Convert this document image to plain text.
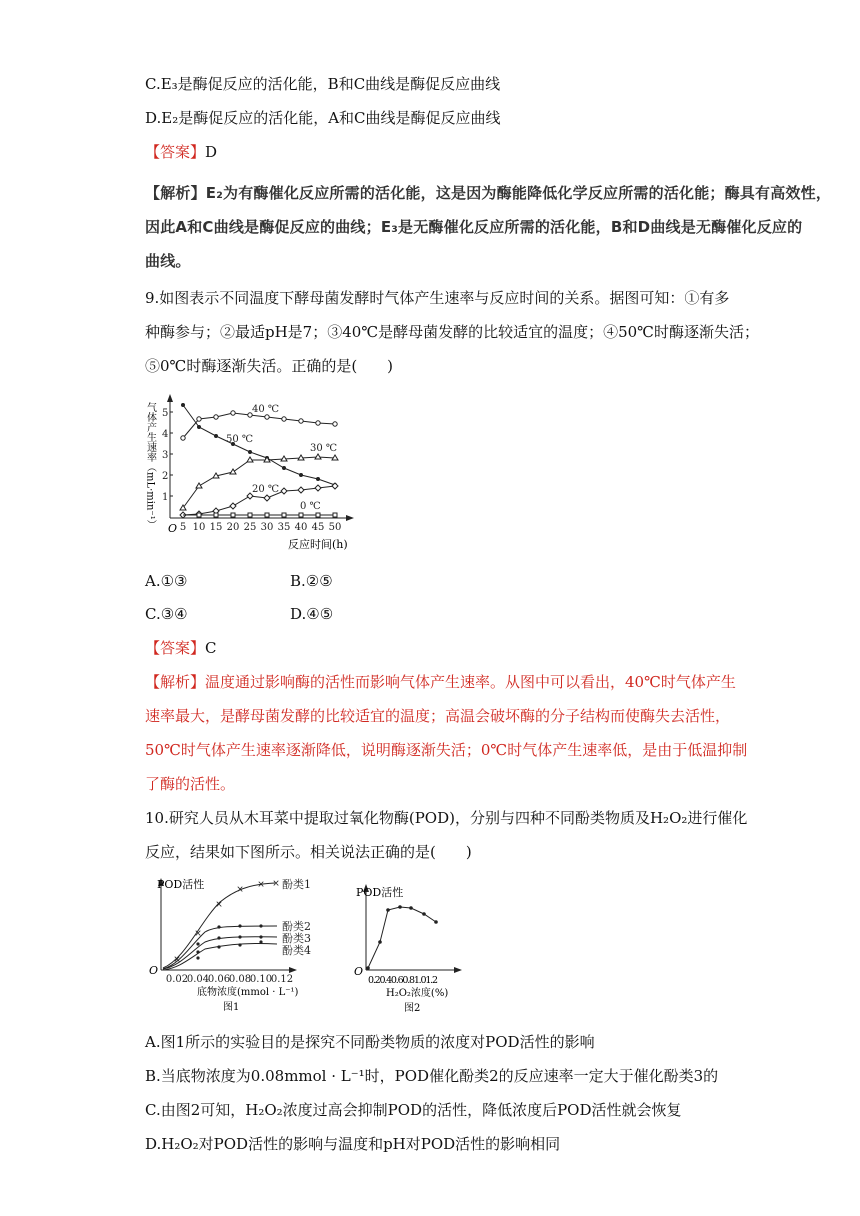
C.E₃是酶促反应的活化能，B和C曲线是酶促反应曲线
D.E₂是酶促反应的活化能，A和C曲线是酶促反应曲线
【答案】D
【解析】E₂为有酶催化反应所需的活化能，这是因为酶能降低化学反应所需的活化能；酶具有高效性，
因此A和C曲线是酶促反应的曲线；E₃是无酶催化反应所需的活化能，B和D曲线是无酶催化反应的
曲线。
9.如图表示不同温度下酵母菌发酵时气体产生速率与反应时间的关系。据图可知：①有多
种酶参与；②最适pH是7；③40℃是酵母菌发酵的比较适宜的温度；④50℃时酶逐渐失活；
⑤0℃时酶逐渐失活。正确的是(　　)
1
2
3
4
5
O
气体产生速率（mL·min⁻¹） 5 10 15 20 25 30 35 40 45 50
反应时间(h)
40 ℃
50 ℃
30 ℃
20 ℃
0 ℃
A.①③	B.②⑤
C.③④	D.④⑤
【答案】C
【解析】温度通过影响酶的活性而影响气体产生速率。从图中可以看出，40℃时气体产生
速率最大，是酵母菌发酵的比较适宜的温度；高温会破坏酶的分子结构而使酶失去活性，
50℃时气体产生速率逐渐降低，说明酶逐渐失活；0℃时气体产生速率低，是由于低温抑制
了酶的活性。
10.研究人员从木耳菜中提取过氧化物酶(POD)，分别与四种不同酚类物质及H₂O₂进行催化
反应，结果如下图所示。相关说法正确的是(　　)
POD活性
O
0.02
0.04
0.06
0.08
0.10
0.12
底物浓度(mmol · L⁻¹)
图1
×
×
×
× × × 酚类1
酚类2
酚类3
酚类4
POD活性
O
0.20.40.60.81.01.2
H₂O₂浓度(%)
图2
A.图1所示的实验目的是探究不同酚类物质的浓度对POD活性的影响
B.当底物浓度为0.08mmol · L⁻¹时，POD催化酚类2的反应速率一定大于催化酚类3的
C.由图2可知，H₂O₂浓度过高会抑制POD的活性，降低浓度后POD活性就会恢复
D.H₂O₂对POD活性的影响与温度和pH对POD活性的影响相同
